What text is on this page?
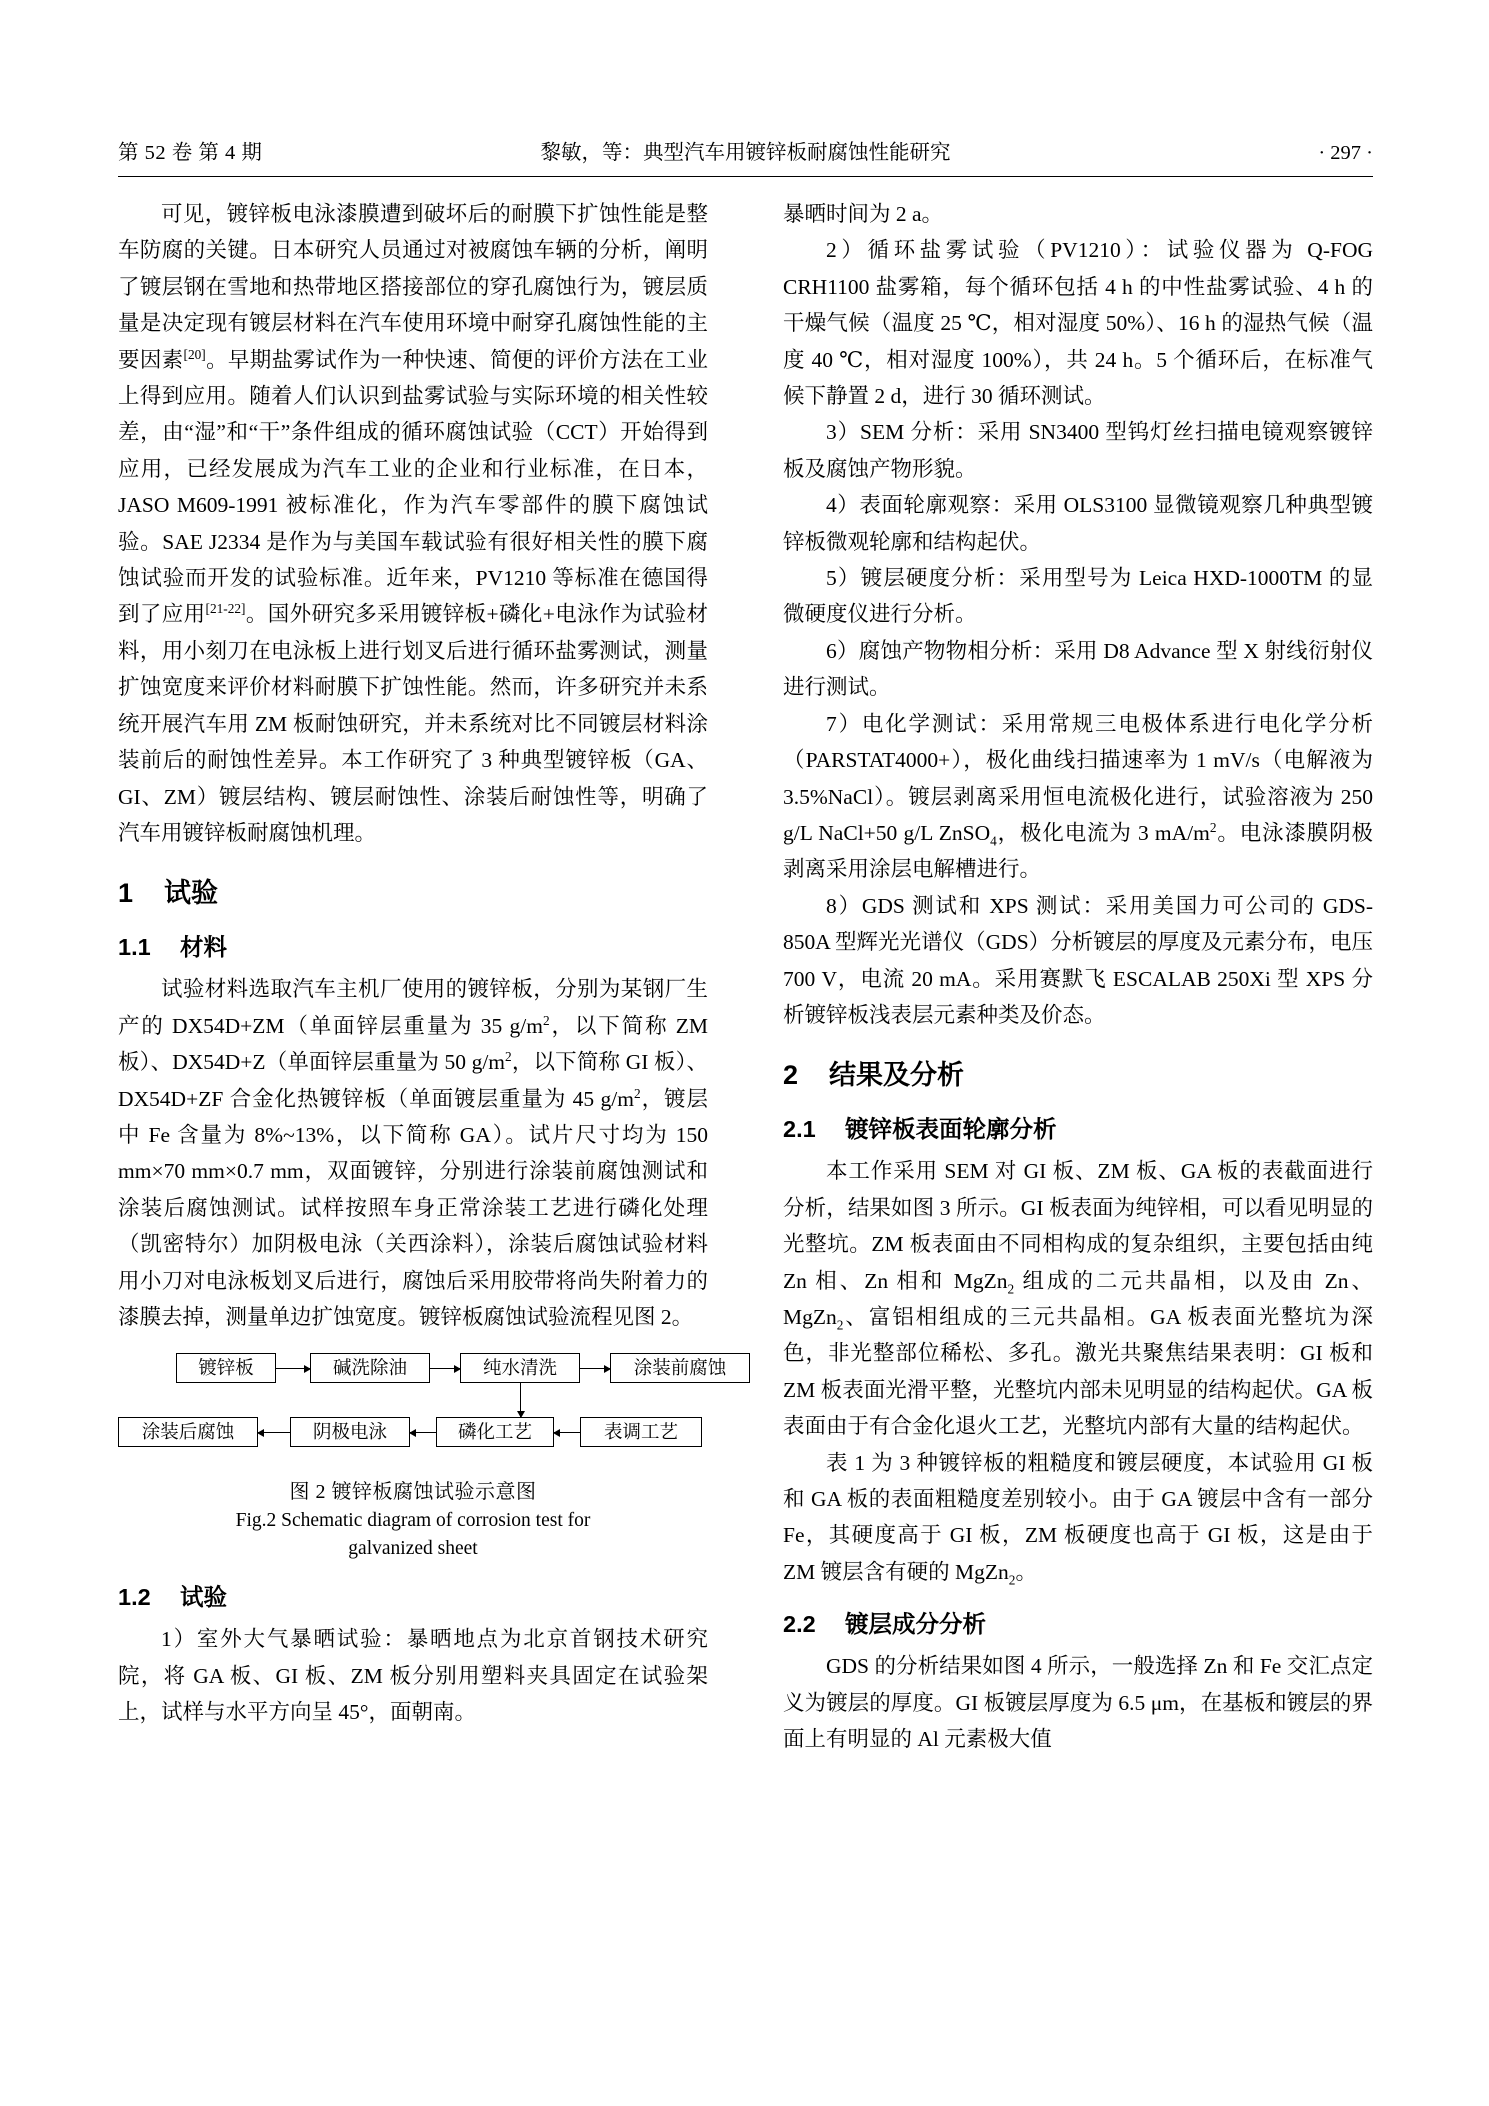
第 52 卷 第 4 期	黎敏，等：典型汽车用镀锌板耐腐蚀性能研究	· 297 ·

可见，镀锌板电泳漆膜遭到破坏后的耐膜下扩蚀性能是整车防腐的关键。日本研究人员通过对被腐蚀车辆的分析，阐明了镀层钢在雪地和热带地区搭接部位的穿孔腐蚀行为，镀层质量是决定现有镀层材料在汽车使用环境中耐穿孔腐蚀性能的主要因素[20]。早期盐雾试作为一种快速、简便的评价方法在工业上得到应用。随着人们认识到盐雾试验与实际环境的相关性较差，由“湿”和“干”条件组成的循环腐蚀试验（CCT）开始得到应用，已经发展成为汽车工业的企业和行业标准，在日本，JASO M609-1991 被标准化，作为汽车零部件的膜下腐蚀试验。SAE J2334 是作为与美国车载试验有很好相关性的膜下腐蚀试验而开发的试验标准。近年来，PV1210 等标准在德国得到了应用[21-22]。国外研究多采用镀锌板+磷化+电泳作为试验材料，用小刻刀在电泳板上进行划叉后进行循环盐雾测试，测量扩蚀宽度来评价材料耐膜下扩蚀性能。然而，许多研究并未系统开展汽车用 ZM 板耐蚀研究，并未系统对比不同镀层材料涂装前后的耐蚀性差异。本工作研究了 3 种典型镀锌板（GA、GI、ZM）镀层结构、镀层耐蚀性、涂装后耐蚀性等，明确了汽车用镀锌板耐腐蚀机理。

1 试验
1.1 材料

试验材料选取汽车主机厂使用的镀锌板，分别为某钢厂生产的 DX54D+ZM（单面锌层重量为 35 $g/m^2$，以下简称 ZM 板）、DX54D+Z（单面锌层重量为 50 $g/m^2$，以下简称 GI 板）、DX54D+ZF 合金化热镀锌板（单面镀层重量为 45 $g/m^2$，镀层中 Fe 含量为 8%~13%，以下简称 GA）。试片尺寸均为 150 mm×70 mm×0.7 mm，双面镀锌，分别进行涂装前腐蚀测试和涂装后腐蚀测试。试样按照车身正常涂装工艺进行磷化处理（凯密特尔）加阴极电泳（关西涂料），涂装后腐蚀试验材料用小刀对电泳板划叉后进行，腐蚀后采用胶带将尚失附着力的漆膜去掉，测量单边扩蚀宽度。镀锌板腐蚀试验流程见图 2。

镀锌板	碱洗除油	纯水清洗	涂装前腐蚀
涂装后腐蚀	阴极电泳	磷化工艺	表调工艺
图 2 镀锌板腐蚀试验示意图
Fig.2 Schematic diagram of corrosion test for
galvanized sheet
1.2 试验

1）室外大气暴晒试验：暴晒地点为北京首钢技术研究院，将 GA 板、GI 板、ZM 板分别用塑料夹具固定在试验架上，试样与水平方向呈 45°，面朝南。

暴晒时间为 2 a。

2）循环盐雾试验（PV1210）：试验仪器为 Q-FOG CRH1100 盐雾箱，每个循环包括 4 h 的中性盐雾试验、4 h 的干燥气候（温度 25 ℃，相对湿度 50%）、16 h 的湿热气候（温度 40 ℃，相对湿度 100%），共 24 h。5 个循环后，在标准气候下静置 2 d，进行 30 循环测试。

3）SEM 分析：采用 SN3400 型钨灯丝扫描电镜观察镀锌板及腐蚀产物形貌。

4）表面轮廓观察：采用 OLS3100 显微镜观察几种典型镀锌板微观轮廓和结构起伏。

5）镀层硬度分析：采用型号为 Leica HXD-1000TM 的显微硬度仪进行分析。

6）腐蚀产物物相分析：采用 D8 Advance 型 X 射线衍射仪进行测试。

7）电化学测试：采用常规三电极体系进行电化学分析（PARSTAT4000+），极化曲线扫描速率为 1 mV/s（电解液为 3.5%NaCl）。镀层剥离采用恒电流极化进行，试验溶液为 250 g/L NaCl+50 g/L ZnSO$_4$，极化电流为 3 $mA/m^2$。电泳漆膜阴极剥离采用涂层电解槽进行。

8）GDS 测试和 XPS 测试：采用美国力可公司的 GDS-850A 型辉光光谱仪（GDS）分析镀层的厚度及元素分布，电压 700 V，电流 20 mA。采用赛默飞 ESCALAB 250Xi 型 XPS 分析镀锌板浅表层元素种类及价态。

2 结果及分析
2.1 镀锌板表面轮廓分析

本工作采用 SEM 对 GI 板、ZM 板、GA 板的表截面进行分析，结果如图 3 所示。GI 板表面为纯锌相，可以看见明显的光整坑。ZM 板表面由不同相构成的复杂组织，主要包括由纯 Zn 相、Zn 相和 MgZn$_2$ 组成的二元共晶相，以及由 Zn、MgZn$_2$、富铝相组成的三元共晶相。GA 板表面光整坑为深色，非光整部位稀松、多孔。激光共聚焦结果表明：GI 板和 ZM 板表面光滑平整，光整坑内部未见明显的结构起伏。GA 板表面由于有合金化退火工艺，光整坑内部有大量的结构起伏。

表 1 为 3 种镀锌板的粗糙度和镀层硬度，本试验用 GI 板和 GA 板的表面粗糙度差别较小。由于 GA 镀层中含有一部分 Fe，其硬度高于 GI 板，ZM 板硬度也高于 GI 板，这是由于 ZM 镀层含有硬的 MgZn$_2$。

2.2 镀层成分分析

GDS 的分析结果如图 4 所示，一般选择 Zn 和 Fe 交汇点定义为镀层的厚度。GI 板镀层厚度为 6.5 μm，在基板和镀层的界面上有明显的 Al 元素极大值
